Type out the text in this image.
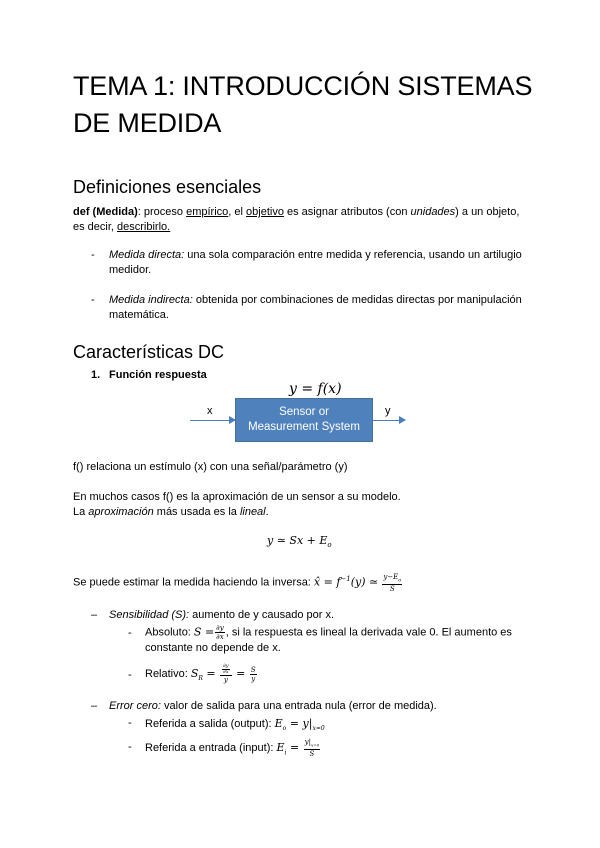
TEMA 1: INTRODUCCIÓN SISTEMAS DE MEDIDA
Definiciones esenciales
def (Medida): proceso empírico, el objetivo es asignar atributos (con unidades) a un objeto, es decir, describirlo.
- Medida directa: una sola comparación entre medida y referencia, usando un artilugio medidor.
- Medida indirecta: obtenida por combinaciones de medidas directas por manipulación matemática.
Características DC
1. Función respuesta
y = f(x)
x	Sensor or
Measurement System
y
f() relaciona un estímulo (x) con una señal/parámetro (y)
En muchos casos f() es la aproximación de un sensor a su modelo.
La aproximación más usada es la lineal.
y ≃ $Sx + E_o$
Se puede estimar la medida haciendo la inversa: x̂ = $f^{-1}(y)$ ≃ $\frac{y-E_o}{S}$
– Sensibilidad (S): aumento de y causado por x.
- Absoluto: $S = \frac{\partial y}{\partial x}$ , si la respuesta es lineal la derivada vale 0. El aumento es constante no depende de x.
- Relativo: $S_R = \partial y$
∂x
$y = \frac{S}{y}$
– Error cero: valor de salida para una entrada nula (error de medida).
- Referida a salida (output): $E_o = y|_{x=0}$
- Referida a entrada (input): $E_i = \frac{y|_{x=0}}{S}$
